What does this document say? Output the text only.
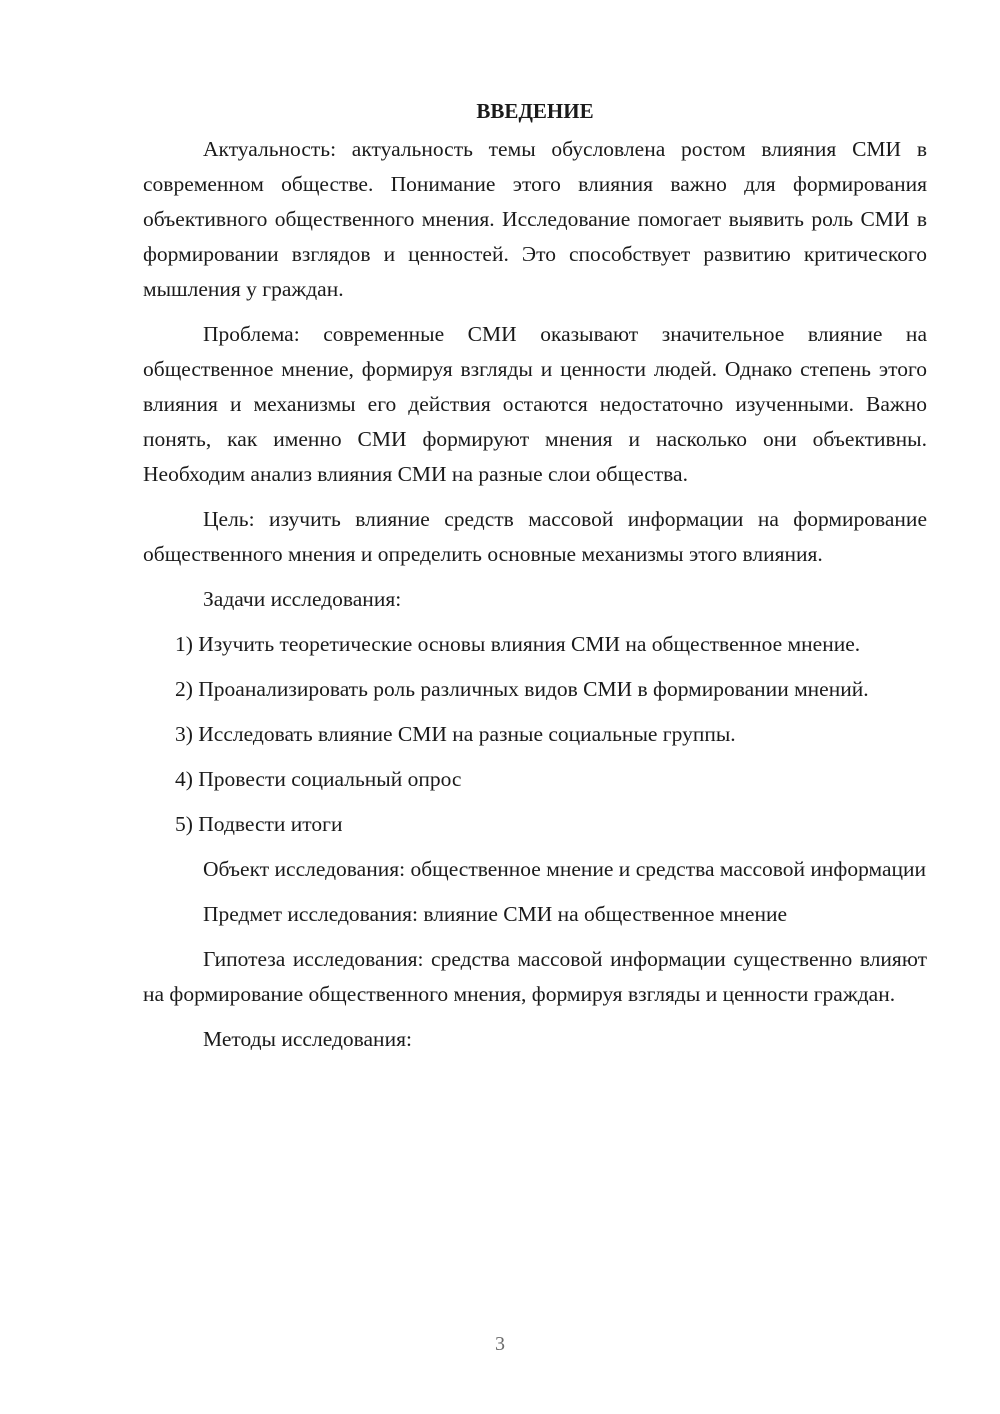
ВВЕДЕНИЕ

Актуальность: актуальность темы обусловлена ростом влияния СМИ в современном обществе. Понимание этого влияния важно для формирования объективного общественного мнения. Исследование помогает выявить роль СМИ в формировании взглядов и ценностей. Это способствует развитию критического мышления у граждан.

Проблема: современные СМИ оказывают значительное влияние на общественное мнение, формируя взгляды и ценности людей. Однако степень этого влияния и механизмы его действия остаются недостаточно изученными. Важно понять, как именно СМИ формируют мнения и насколько они объективны. Необходим анализ влияния СМИ на разные слои общества.

Цель: изучить влияние средств массовой информации на формирование общественного мнения и определить основные механизмы этого влияния.

Задачи исследования:

1) Изучить теоретические основы влияния СМИ на общественное мнение.

2) Проанализировать роль различных видов СМИ в формировании мнений.

3) Исследовать влияние СМИ на разные социальные группы.

4) Провести социальный опрос

5) Подвести итоги

Объект исследования: общественное мнение и средства массовой информации

Предмет исследования: влияние СМИ на общественное мнение

Гипотеза исследования: средства массовой информации существенно влияют на формирование общественного мнения, формируя взгляды и ценности граждан.

Методы исследования:

3
